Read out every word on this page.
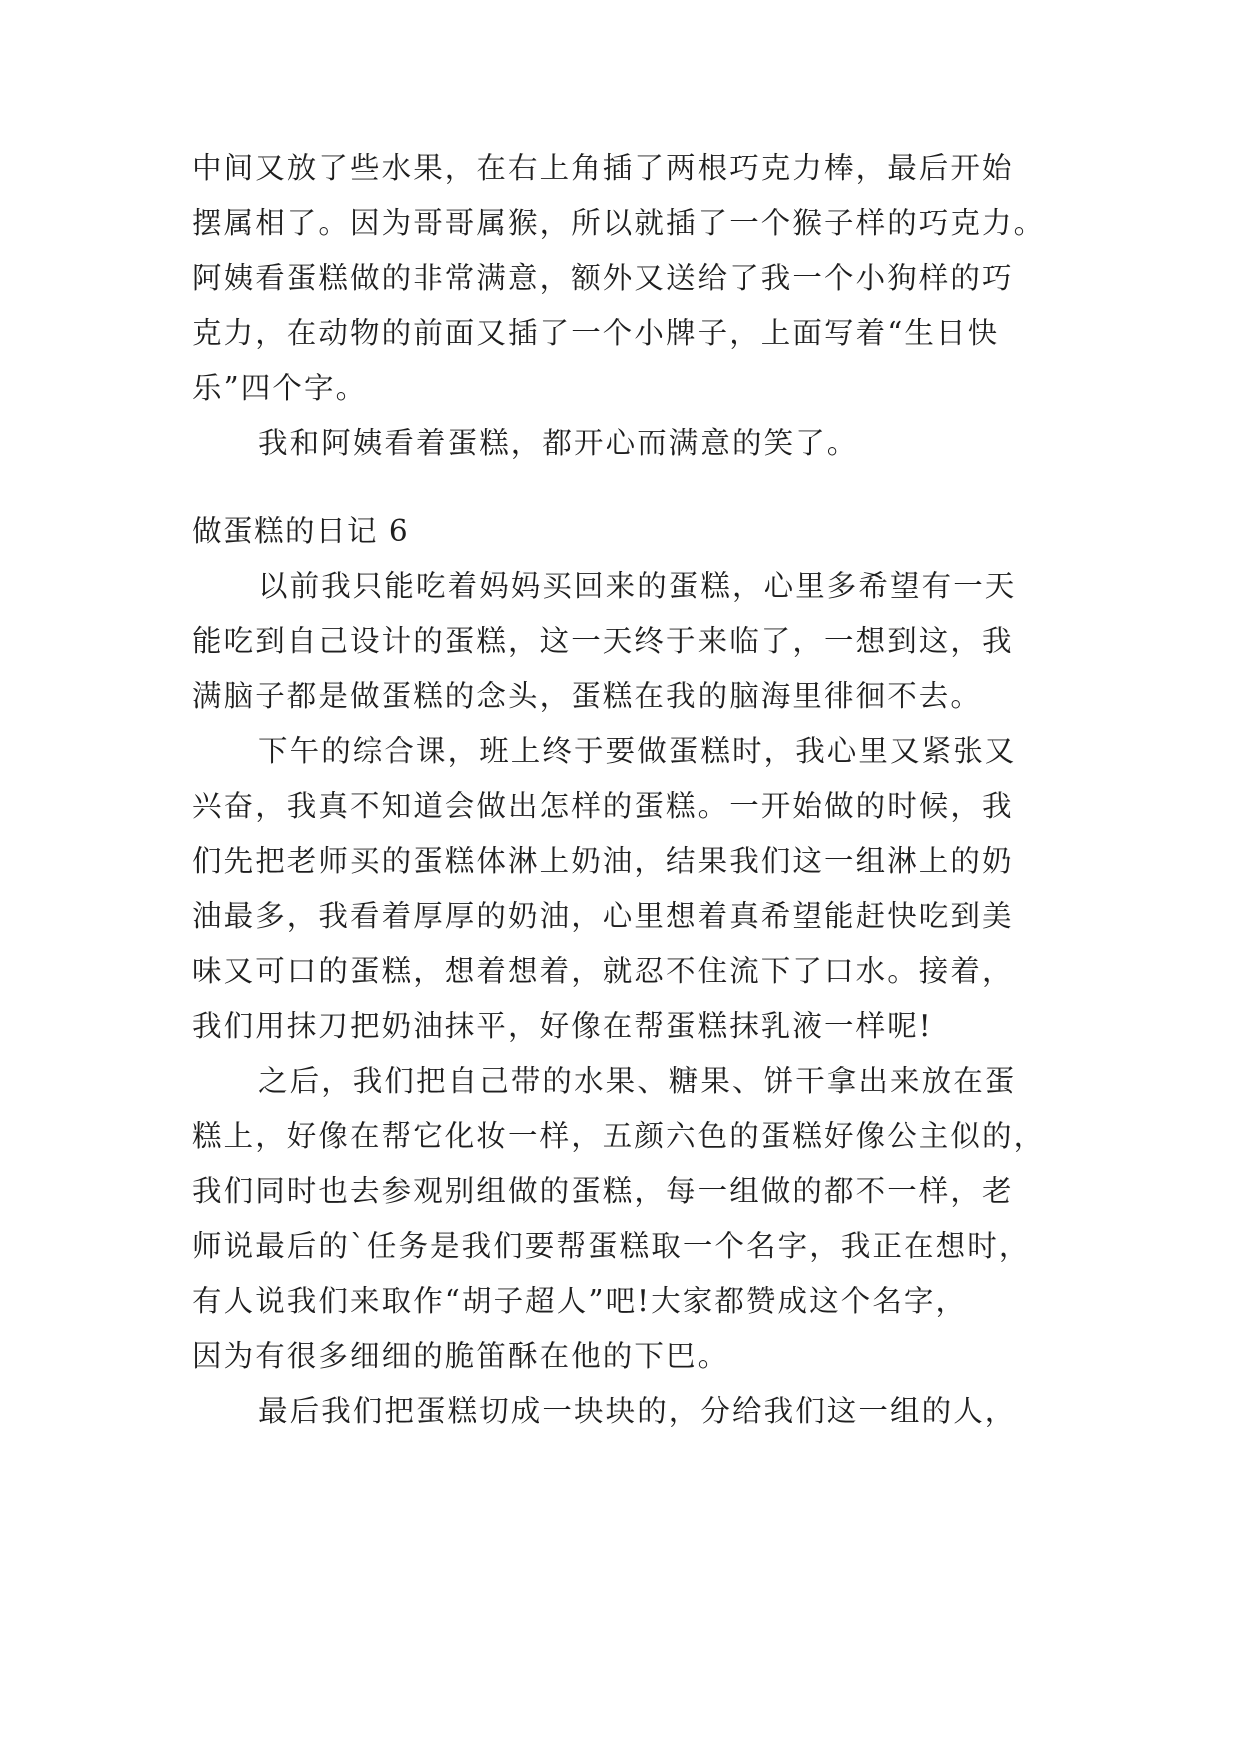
中间又放了些水果，在右上角插了两根巧克力棒，最后开始
摆属相了。因为哥哥属猴，所以就插了一个猴子样的巧克力。
阿姨看蛋糕做的非常满意，额外又送给了我一个小狗样的巧
克力，在动物的前面又插了一个小牌子，上面写着“生日快
乐”四个字。
我和阿姨看着蛋糕，都开心而满意的笑了。
做蛋糕的日记 6
以前我只能吃着妈妈买回来的蛋糕，心里多希望有一天
能吃到自己设计的蛋糕，这一天终于来临了，一想到这，我
满脑子都是做蛋糕的念头，蛋糕在我的脑海里徘徊不去。
下午的综合课，班上终于要做蛋糕时，我心里又紧张又
兴奋，我真不知道会做出怎样的蛋糕。一开始做的时候，我
们先把老师买的蛋糕体淋上奶油，结果我们这一组淋上的奶
油最多，我看着厚厚的奶油，心里想着真希望能赶快吃到美
味又可口的蛋糕，想着想着，就忍不住流下了口水。接着，
我们用抹刀把奶油抹平，好像在帮蛋糕抹乳液一样呢!
之后，我们把自己带的水果、糖果、饼干拿出来放在蛋
糕上，好像在帮它化妆一样，五颜六色的蛋糕好像公主似的，
我们同时也去参观别组做的蛋糕，每一组做的都不一样，老
师说最后的`任务是我们要帮蛋糕取一个名字，我正在想时，
有人说我们来取作“胡子超人”吧!大家都赞成这个名字，
因为有很多细细的脆笛酥在他的下巴。
最后我们把蛋糕切成一块块的，分给我们这一组的人，
